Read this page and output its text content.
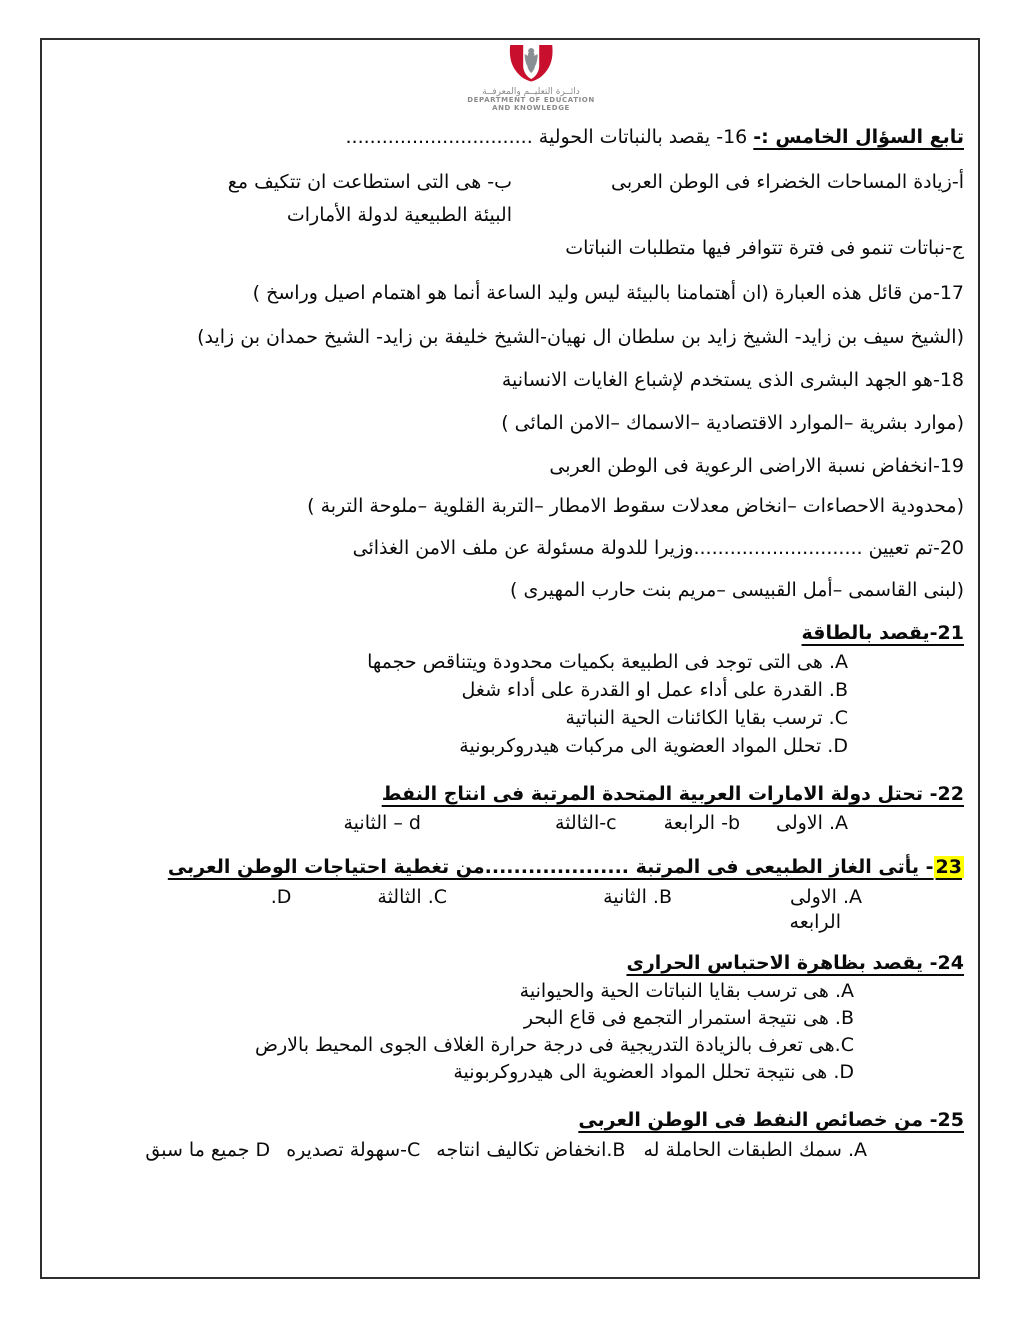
دائــرة التعليــم والمعرفــة
DEPARTMENT OF EDUCATION
AND KNOWLEDGE
تابع السؤال الخامس :- 16- يقصد بالنباتات الحولية ...............................
أ-زيادة المساحات الخضراء فى الوطن العربى
ب- هى التى استطاعت ان تتكيف مع البيئة الطبيعية لدولة الأمارات
ج-نباتات تنمو فى فترة تتوافر فيها متطلبات النباتات
17-من قائل هذه العبارة (ان أهتمامنا بالبيئة ليس وليد الساعة أنما هو اهتمام اصيل وراسخ )
(الشيخ سيف بن زايد- الشيخ زايد بن سلطان ال نهيان-الشيخ خليفة بن زايد- الشيخ حمدان بن زايد)
18-هو الجهد البشرى الذى يستخدم لإشباع الغايات الانسانية
(موارد بشرية –الموارد الاقتصادية –الاسماك –الامن المائى )
19-انخفاض نسبة الاراضى الرعوية فى الوطن العربى
(محدودية الاحصاءات –انخاض معدلات سقوط الامطار –التربة القلوية –ملوحة التربة )
20-تم تعيين ............................وزيرا للدولة مسئولة عن ملف الامن الغذائى
(لبنى القاسمى –أمل القبيسى –مريم بنت حارب المهيرى )
21-يقصد بالطاقة
A. هى التى توجد فى الطبيعة بكميات محدودة ويتناقص حجمها
B. القدرة على أداء عمل او القدرة على أداء شغل
C. ترسب بقايا الكائنات الحية النباتية
D. تحلل المواد العضوية الى مركبات هيدروكربونية
22- تحتل دولة الامارات العربية المتحدة المرتبة فى انتاج النفط
A. الاولى
b- الرابعة
c-الثالثة
d – الثانية
23- يأتى الغاز الطبيعى فى المرتبة ....................من تغطية احتياجات الوطن العربى
A. الاولى
B. الثانية
C. الثالثة
D.
الرابعه
24- يقصد بظاهرة الاحتباس الحرارى
A. هى ترسب بقايا النباتات الحية والحيوانية
B. هى نتيجة استمرار التجمع فى قاع البحر
C.هى تعرف بالزيادة التدريجية فى درجة حرارة الغلاف الجوى المحيط بالارض
D. هى نتيجة تحلل المواد العضوية الى هيدروكربونية
25- من خصائص النفط فى الوطن العربى
A. سمك الطبقات الحاملة له
B.انخفاض تكاليف انتاجه
C-سهولة تصديره
D جميع ما سبق
